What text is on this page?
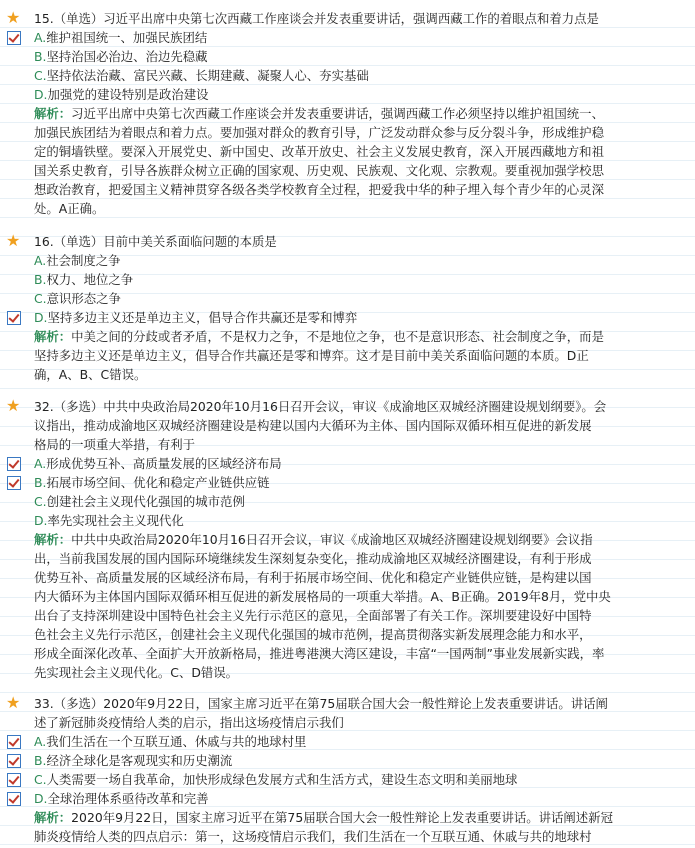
★ 15.（单选）习近平出席中央第七次西藏工作座谈会并发表重要讲话，强调西藏工作的着眼点和着力点是
A.维护祖国统一、加强民族团结
B.坚持治国必治边、治边先稳藏
C.坚持依法治藏、富民兴藏、长期建藏、凝聚人心、夯实基础
D.加强党的建设特别是政治建设
解析：习近平出席中央第七次西藏工作座谈会并发表重要讲话，强调西藏工作必须坚持以维护祖国统一、
加强民族团结为着眼点和着力点。要加强对群众的教育引导，广泛发动群众参与反分裂斗争，形成维护稳
定的铜墙铁壁。要深入开展党史、新中国史、改革开放史、社会主义发展史教育，深入开展西藏地方和祖
国关系史教育，引导各族群众树立正确的国家观、历史观、民族观、文化观、宗教观。要重视加强学校思
想政治教育，把爱国主义精神贯穿各级各类学校教育全过程，把爱我中华的种子埋入每个青少年的心灵深
处。A正确。
★ 16.（单选）目前中美关系面临问题的本质是
A.社会制度之争
B.权力、地位之争
C.意识形态之争
D.坚持多边主义还是单边主义，倡导合作共赢还是零和博弈
解析：中美之间的分歧或者矛盾，不是权力之争，不是地位之争，也不是意识形态、社会制度之争，而是
坚持多边主义还是单边主义，倡导合作共赢还是零和博弈。这才是目前中美关系面临问题的本质。D正
确，A、B、C错误。
★ 32.（多选）中共中央政治局2020年10月16日召开会议，审议《成渝地区双城经济圈建设规划纲要》。会
议指出，推动成渝地区双城经济圈建设是构建以国内大循环为主体、国内国际双循环相互促进的新发展
格局的一项重大举措，有利于
A.形成优势互补、高质量发展的区域经济布局
B.拓展市场空间、优化和稳定产业链供应链
C.创建社会主义现代化强国的城市范例
D.率先实现社会主义现代化
解析：中共中央政治局2020年10月16日召开会议，审议《成渝地区双城经济圈建设规划纲要》会议指
出，当前我国发展的国内国际环境继续发生深刻复杂变化，推动成渝地区双城经济圈建设，有利于形成
优势互补、高质量发展的区域经济布局，有利于拓展市场空间、优化和稳定产业链供应链，是构建以国
内大循环为主体国内国际双循环相互促进的新发展格局的一项重大举措。A、B正确。2019年8月，党中央
出台了支持深圳建设中国特色社会主义先行示范区的意见，全面部署了有关工作。深圳要建设好中国特
色社会主义先行示范区，创建社会主义现代化强国的城市范例，提高贯彻落实新发展理念能力和水平，
形成全面深化改革、全面扩大开放新格局，推进粤港澳大湾区建设，丰富“一国两制”事业发展新实践，率
先实现社会主义现代化。C、D错误。
★ 33.（多选）2020年9月22日，国家主席习近平在第75届联合国大会一般性辩论上发表重要讲话。讲话阐
述了新冠肺炎疫情给人类的启示，指出这场疫情启示我们
A.我们生活在一个互联互通、休戚与共的地球村里
B.经济全球化是客观现实和历史潮流
C.人类需要一场自我革命，加快形成绿色发展方式和生活方式，建设生态文明和美丽地球
D.全球治理体系亟待改革和完善
解析：2020年9月22日，国家主席习近平在第75届联合国大会一般性辩论上发表重要讲话。讲话阐述新冠
肺炎疫情给人类的四点启示：第一，这场疫情启示我们，我们生活在一个互联互通、休戚与共的地球村
